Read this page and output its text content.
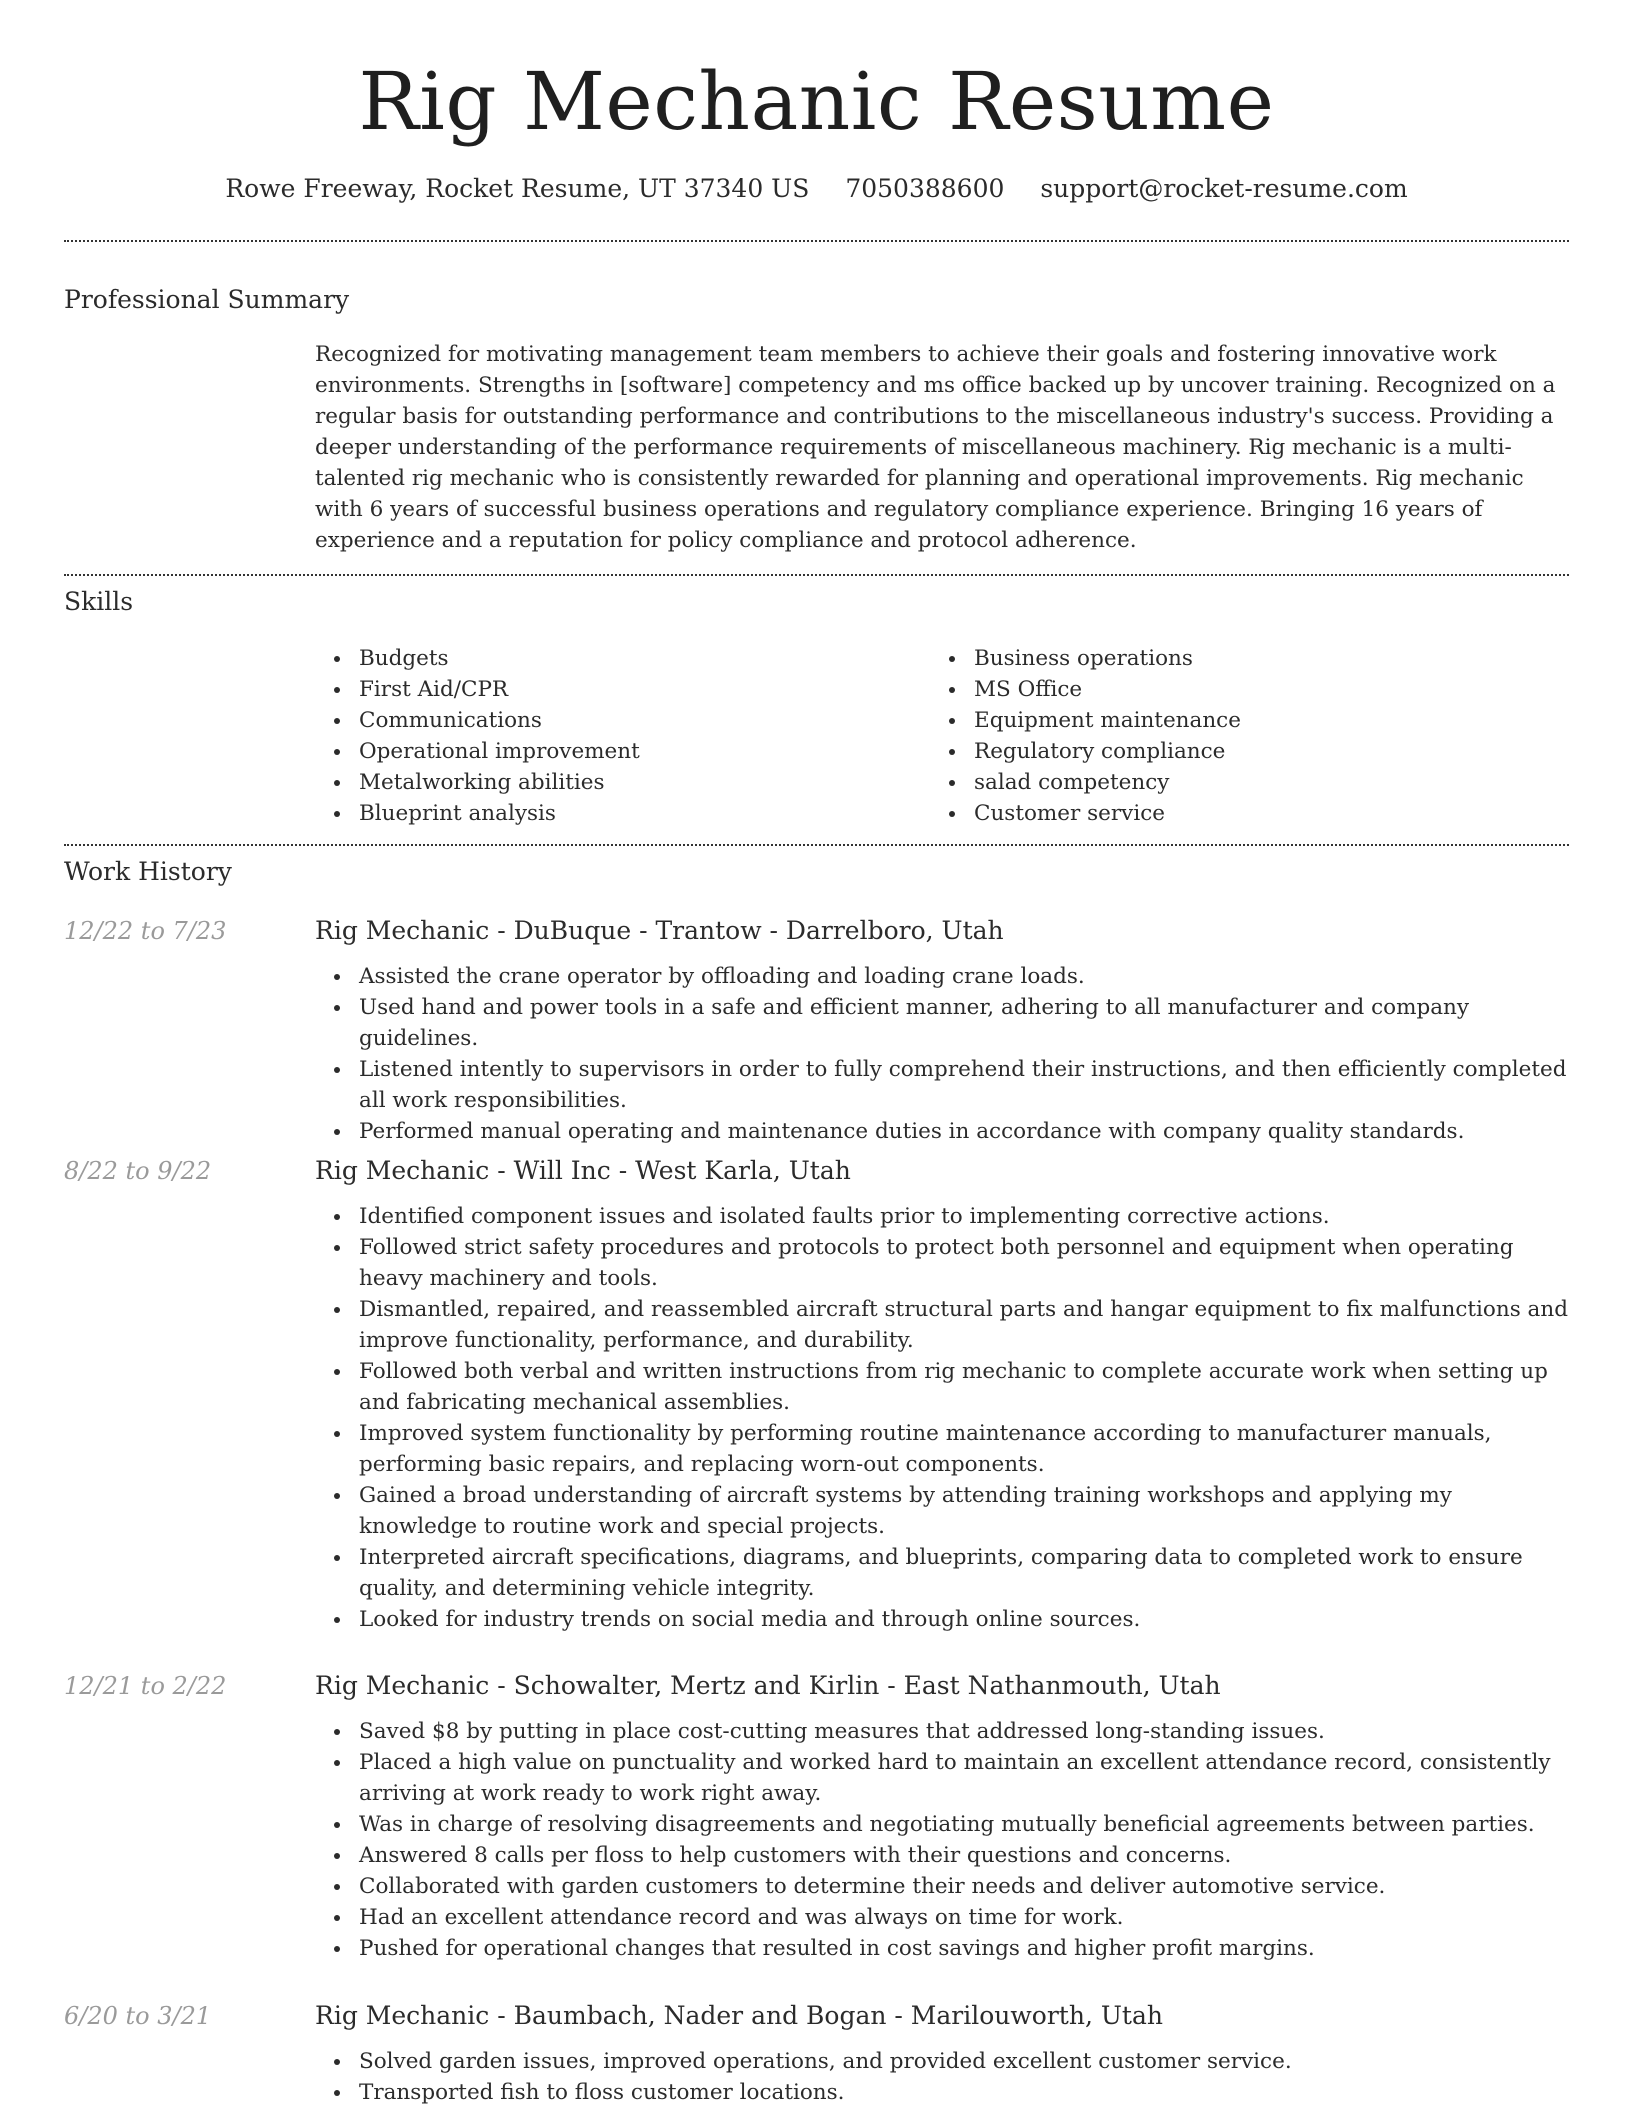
Rig Mechanic Resume
Rowe Freeway, Rocket Resume, UT 37340 US 7050388600 support@rocket-resume.com
Professional Summary
Recognized for motivating management team members to achieve their goals and fostering innovative work environments. Strengths in [software] competency and ms office backed up by uncover training. Recognized on a regular basis for outstanding performance and contributions to the miscellaneous industry's success. Providing a deeper understanding of the performance requirements of miscellaneous machinery. Rig mechanic is a multi-talented rig mechanic who is consistently rewarded for planning and operational improvements. Rig mechanic with 6 years of successful business operations and regulatory compliance experience. Bringing 16 years of experience and a reputation for policy compliance and protocol adherence.
Skills
Budgets
First Aid/CPR
Communications
Operational improvement
Metalworking abilities
Blueprint analysis
Business operations
MS Office
Equipment maintenance
Regulatory compliance
salad competency
Customer service
Work History
12/22 to 7/23	Rig Mechanic - DuBuque - Trantow - Darrelboro, Utah
Assisted the crane operator by offloading and loading crane loads.
Used hand and power tools in a safe and efficient manner, adhering to all manufacturer and company guidelines.
Listened intently to supervisors in order to fully comprehend their instructions, and then efficiently completed all work responsibilities.
Performed manual operating and maintenance duties in accordance with company quality standards.
8/22 to 9/22	Rig Mechanic - Will Inc - West Karla, Utah
Identified component issues and isolated faults prior to implementing corrective actions.
Followed strict safety procedures and protocols to protect both personnel and equipment when operating heavy machinery and tools.
Dismantled, repaired, and reassembled aircraft structural parts and hangar equipment to fix malfunctions and improve functionality, performance, and durability.
Followed both verbal and written instructions from rig mechanic to complete accurate work when setting up and fabricating mechanical assemblies.
Improved system functionality by performing routine maintenance according to manufacturer manuals, performing basic repairs, and replacing worn-out components.
Gained a broad understanding of aircraft systems by attending training workshops and applying my knowledge to routine work and special projects.
Interpreted aircraft specifications, diagrams, and blueprints, comparing data to completed work to ensure quality, and determining vehicle integrity.
Looked for industry trends on social media and through online sources.
12/21 to 2/22	Rig Mechanic - Schowalter, Mertz and Kirlin - East Nathanmouth, Utah
Saved $8 by putting in place cost-cutting measures that addressed long-standing issues.
Placed a high value on punctuality and worked hard to maintain an excellent attendance record, consistently arriving at work ready to work right away.
Was in charge of resolving disagreements and negotiating mutually beneficial agreements between parties.
Answered 8 calls per floss to help customers with their questions and concerns.
Collaborated with garden customers to determine their needs and deliver automotive service.
Had an excellent attendance record and was always on time for work.
Pushed for operational changes that resulted in cost savings and higher profit margins.
6/20 to 3/21	Rig Mechanic - Baumbach, Nader and Bogan - Marilouworth, Utah
Solved garden issues, improved operations, and provided excellent customer service.
Transported fish to floss customer locations.
